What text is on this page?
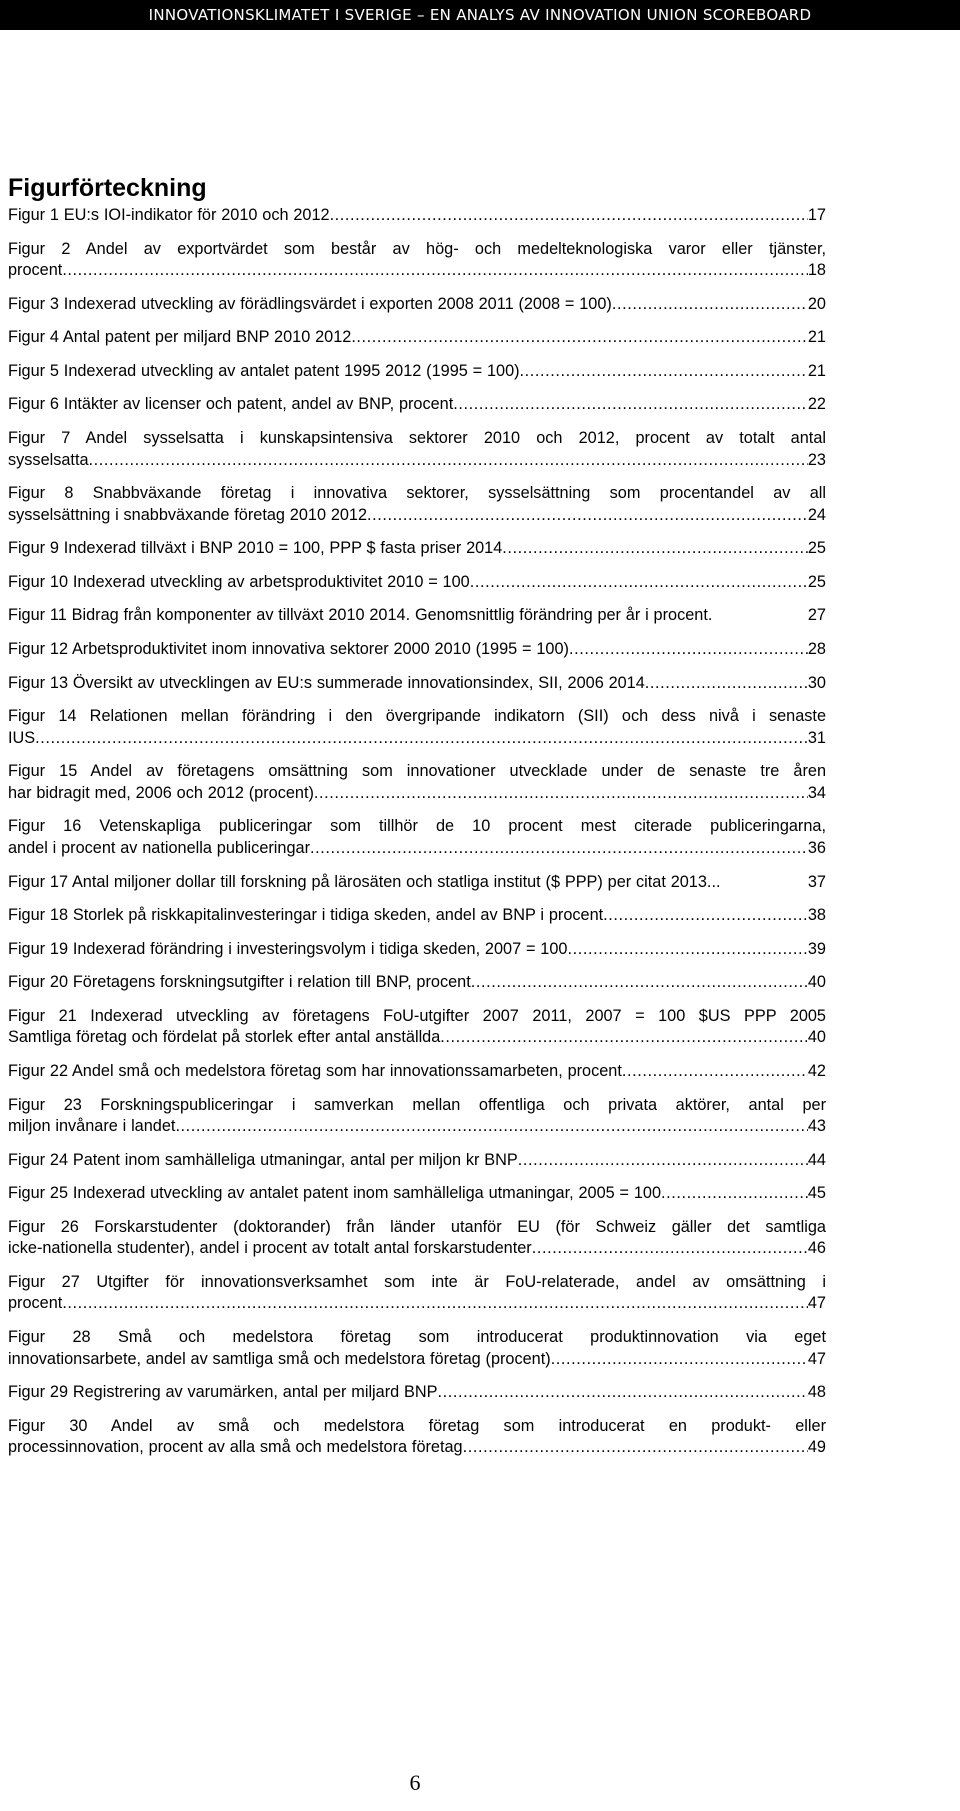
INNOVATIONSKLIMATET I SVERIGE – EN ANALYS AV INNOVATION UNION SCOREBOARD
Figurförteckning
Figur 1 EU:s IOI-indikator för 2010 och 2012 .....	17
Figur 2 Andel av exportvärdet som består av hög- och medelteknologiska varor eller tjänster,
procent .....	18
Figur 3 Indexerad utveckling av förädlingsvärdet i exporten 2008 2011 (2008 = 100) .....	20
Figur 4 Antal patent per miljard BNP 2010 2012 .....	21
Figur 5 Indexerad utveckling av antalet patent 1995 2012 (1995 = 100) .....	21
Figur 6 Intäkter av licenser och patent, andel av BNP, procent .....	22
Figur 7 Andel sysselsatta i kunskapsintensiva sektorer 2010 och 2012, procent av totalt antal
sysselsatta .....	23
Figur 8 Snabbväxande företag i innovativa sektorer, sysselsättning som procentandel av all
sysselsättning i snabbväxande företag 2010 2012 .....	24
Figur 9 Indexerad tillväxt i BNP 2010 = 100, PPP $ fasta priser 2014 .....	25
Figur 10 Indexerad utveckling av arbetsproduktivitet 2010 = 100 .....	25
Figur 11 Bidrag från komponenter av tillväxt 2010 2014. Genomsnittlig förändring per år i procent .	27
Figur 12 Arbetsproduktivitet inom innovativa sektorer 2000 2010 (1995 = 100) .....	28
Figur 13 Översikt av utvecklingen av EU:s summerade innovationsindex, SII, 2006 2014 .....	30
Figur 14 Relationen mellan förändring i den övergripande indikatorn (SII) och dess nivå i senaste
IUS .....	31
Figur 15 Andel av företagens omsättning som innovationer utvecklade under de senaste tre åren
har bidragit med, 2006 och 2012 (procent) .....	34
Figur 16 Vetenskapliga publiceringar som tillhör de 10 procent mest citerade publiceringarna,
andel i procent av nationella publiceringar .....	36
Figur 17 Antal miljoner dollar till forskning på lärosäten och statliga institut ($ PPP) per citat 2013 ...	37
Figur 18 Storlek på riskkapitalinvesteringar i tidiga skeden, andel av BNP i procent .....	38
Figur 19 Indexerad förändring i investeringsvolym i tidiga skeden, 2007 = 100 .....	39
Figur 20 Företagens forskningsutgifter i relation till BNP, procent .....	40
Figur 21 Indexerad utveckling av företagens FoU-utgifter 2007 2011, 2007 = 100 $US PPP 2005
Samtliga företag och fördelat på storlek efter antal anställda .....	40
Figur 22 Andel små och medelstora företag som har innovationssamarbeten, procent .....	42
Figur 23 Forskningspubliceringar i samverkan mellan offentliga och privata aktörer, antal per
miljon invånare i landet .....	43
Figur 24 Patent inom samhälleliga utmaningar, antal per miljon kr BNP .....	44
Figur 25 Indexerad utveckling av antalet patent inom samhälleliga utmaningar, 2005 = 100 .....	45
Figur 26 Forskarstudenter (doktorander) från länder utanför EU (för Schweiz gäller det samtliga
icke-nationella studenter), andel i procent av totalt antal forskarstudenter .....	46
Figur 27 Utgifter för innovationsverksamhet som inte är FoU-relaterade, andel av omsättning i
procent .....	47
Figur 28 Små och medelstora företag som introducerat produktinnovation via eget
innovationsarbete, andel av samtliga små och medelstora företag (procent) .....	47
Figur 29 Registrering av varumärken, antal per miljard BNP .....	48
Figur 30 Andel av små och medelstora företag som introducerat en produkt- eller
processinnovation, procent av alla små och medelstora företag .....	49
6
